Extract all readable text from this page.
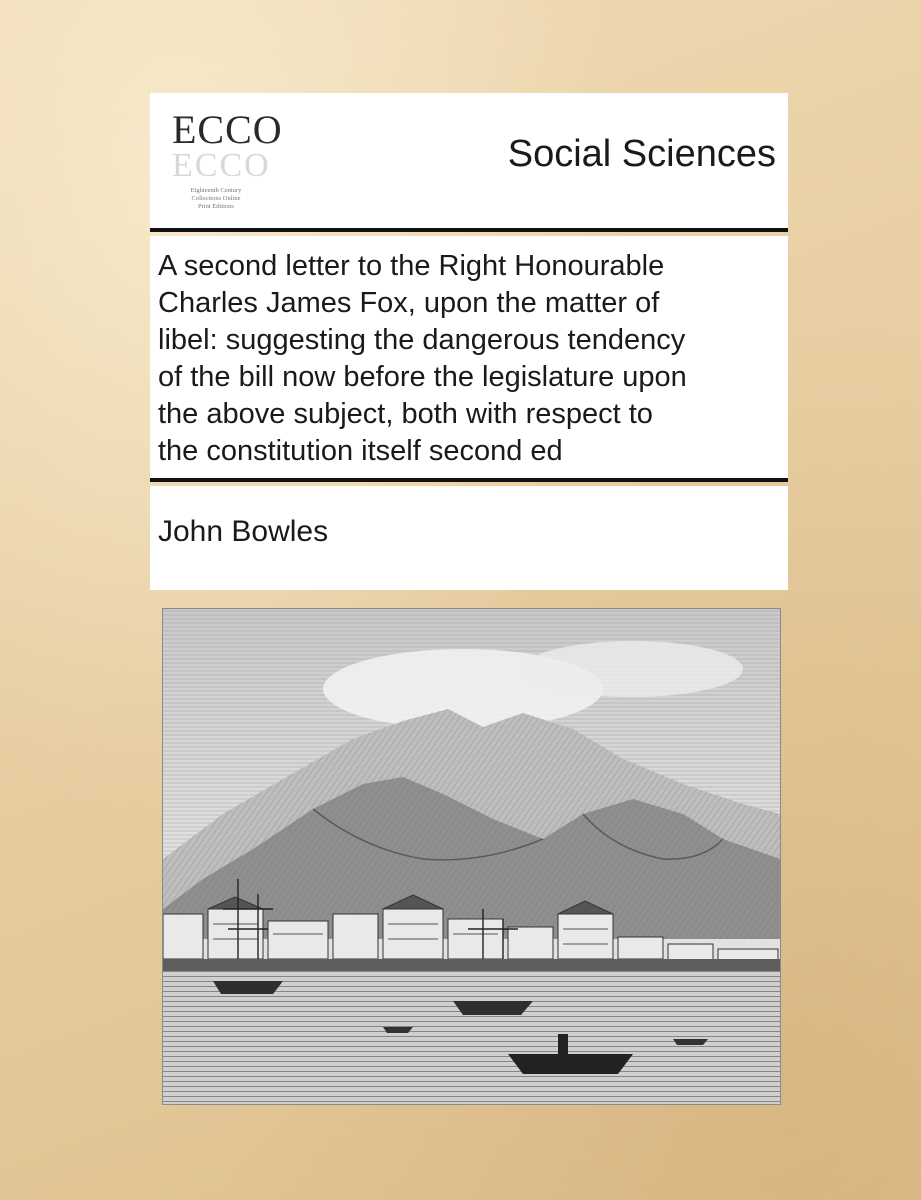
ECCO
ECCO
Eighteenth Century
Collections Online
Print Editions
Social Sciences
A second letter to the Right Honourable
Charles James Fox, upon the matter of
libel: suggesting the dangerous tendency
of the bill now before the legislature upon
the above subject, both with respect to
the constitution itself second ed
John Bowles
